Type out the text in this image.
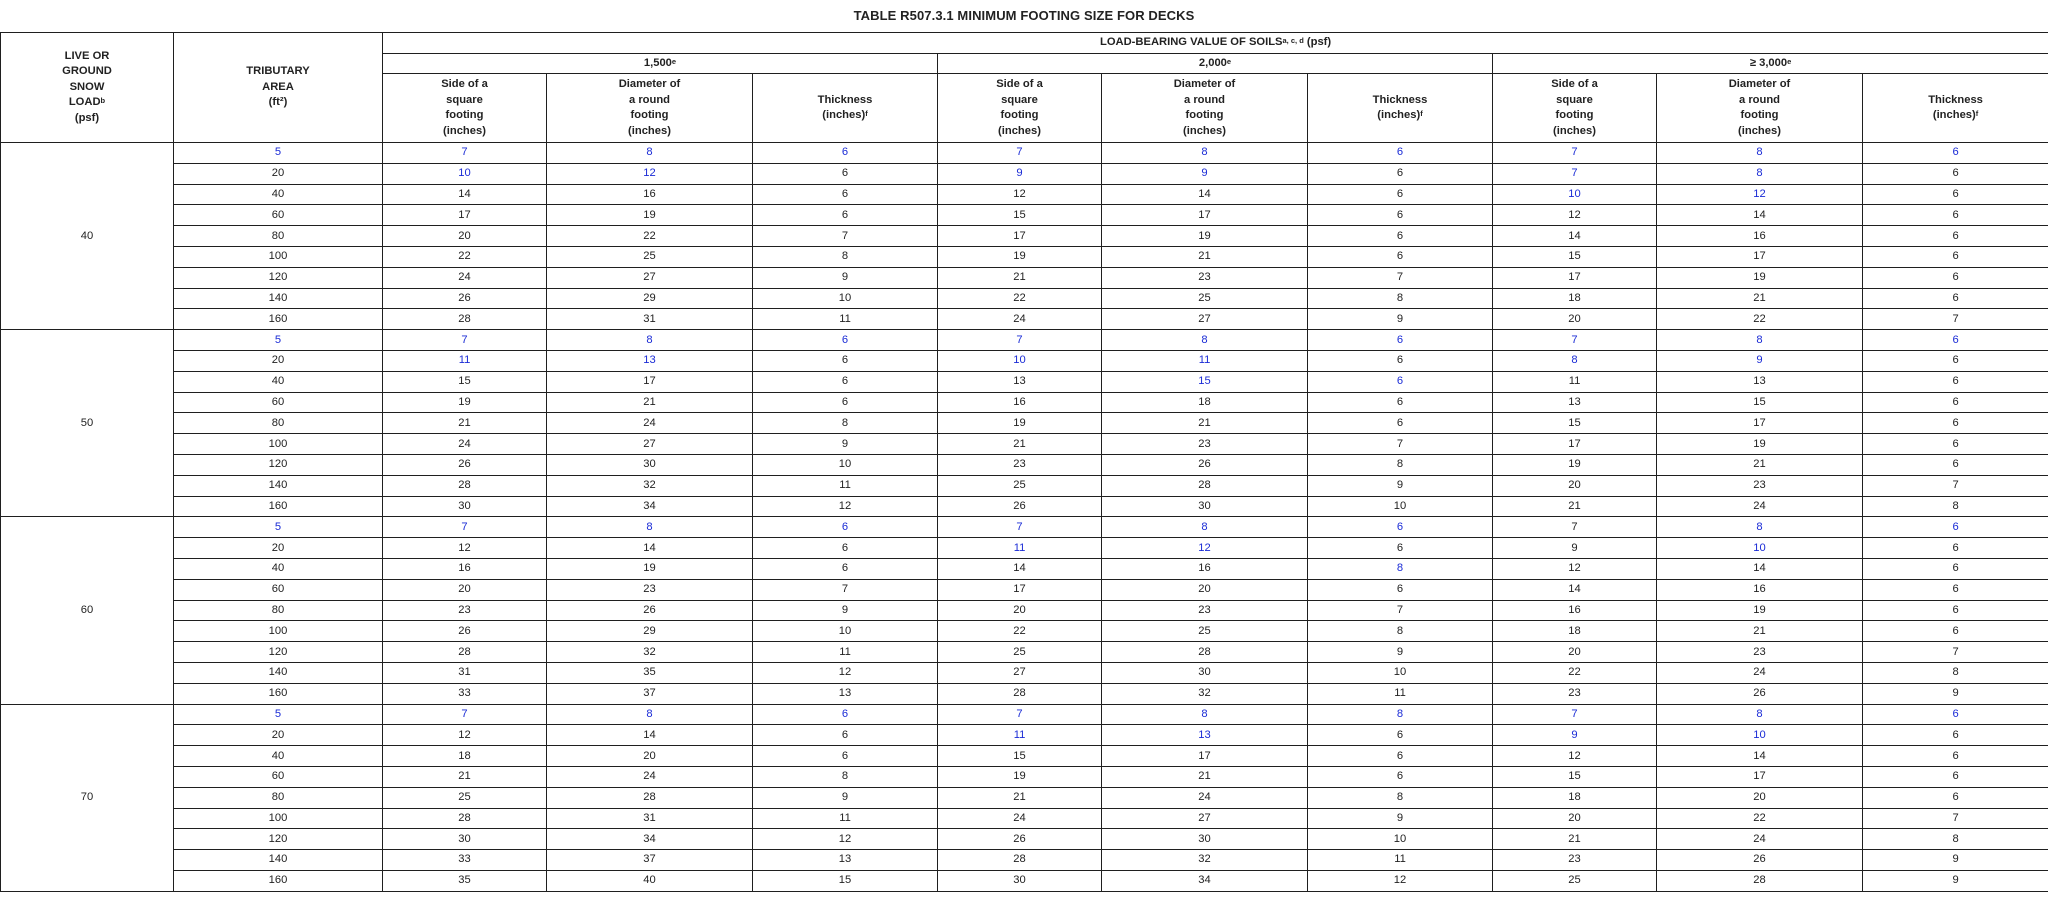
TABLE R507.3.1 MINIMUM FOOTING SIZE FOR DECKS
LIVE OR
GROUND
SNOW
LOAD$^b$
(psf)	TRIBUTARY
AREA
(ft²)	LOAD-BEARING VALUE OF SOILS$^{a, c, d}$ (psf)								
		1,500e			2,000e			≥ 3,000$^e$
		Side of a
square
footing
(inches)	Diameter of
a round
footing
(inches)	Thickness
(inches)$^f$	Side of a
square
footing
(inches)	Diameter of
a round
footing
(inches)	Thickness
(inches)$^f$	Side of a
square
footing
(inches)	Diameter of
a round
footing
(inches)	Thickness
(inches)$^f$
40	5	7	8	6	7	8	6	7	8	6
	20	10	12	6	9	9	6	7	8	6
	40	14	16	6	12	14	6	10	12	6
	60	17	19	6	15	17	6	12	14	6
	80	20	22	7	17	19	6	14	16	6
	100	22	25	8	19	21	6	15	17	6
	120	24	27	9	21	23	7	17	19	6
	140	26	29	10	22	25	8	18	21	6
	160	28	31	11	24	27	9	20	22	7
50	5	7	8	6	7	8	6	7	8	6
	20	11	13	6	10	11	6	8	9	6
	40	15	17	6	13	15	6	11	13	6
	60	19	21	6	16	18	6	13	15	6
	80	21	24	8	19	21	6	15	17	6
	100	24	27	9	21	23	7	17	19	6
	120	26	30	10	23	26	8	19	21	6
	140	28	32	11	25	28	9	20	23	7
	160	30	34	12	26	30	10	21	24	8
60	5	7	8	6	7	8	6	7	8	6
	20	12	14	6	11	12	6	9	10	6
	40	16	19	6	14	16	8	12	14	6
	60	20	23	7	17	20	6	14	16	6
	80	23	26	9	20	23	7	16	19	6
	100	26	29	10	22	25	8	18	21	6
	120	28	32	11	25	28	9	20	23	7
	140	31	35	12	27	30	10	22	24	8
	160	33	37	13	28	32	11	23	26	9
70	5	7	8	6	7	8	8	7	8	6
	20	12	14	6	11	13	6	9	10	6
	40	18	20	6	15	17	6	12	14	6
	60	21	24	8	19	21	6	15	17	6
	80	25	28	9	21	24	8	18	20	6
	100	28	31	11	24	27	9	20	22	7
	120	30	34	12	26	30	10	21	24	8
	140	33	37	13	28	32	11	23	26	9
	160	35	40	15	30	34	12	25	28	9
